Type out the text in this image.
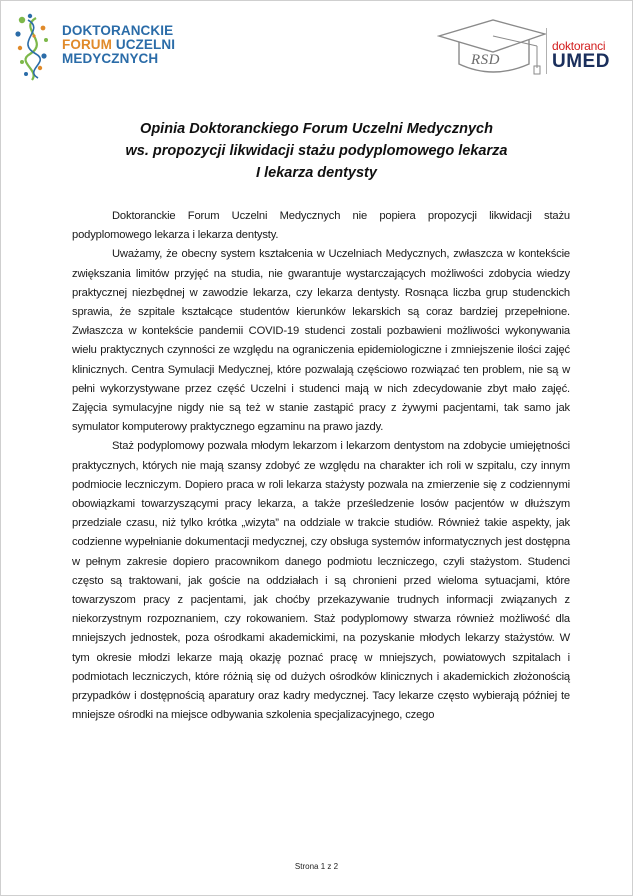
DOKTORANCKIE
FORUM UCZELNI
MEDYCZNYCH	RSD
doktoranci
UMED
Opinia Doktoranckiego Forum Uczelni Medycznych
ws. propozycji likwidacji stażu podyplomowego lekarza
I lekarza dentysty

Doktoranckie Forum Uczelni Medycznych nie popiera propozycji likwidacji stażu podyplomowego lekarza i lekarza dentysty.

Uważamy, że obecny system kształcenia w Uczelniach Medycznych, zwłaszcza w kontekście zwiększania limitów przyjęć na studia, nie gwarantuje wystarczających możliwości zdobycia wiedzy praktycznej niezbędnej w zawodzie lekarza, czy lekarza dentysty. Rosnąca liczba grup studenckich sprawia, że szpitale kształcące studentów kierunków lekarskich są coraz bardziej przepełnione. Zwłaszcza w kontekście pandemii COVID-19 studenci zostali pozbawieni możliwości wykonywania wielu praktycznych czynności ze względu na ograniczenia epidemiologiczne i zmniejszenie ilości zajęć klinicznych. Centra Symulacji Medycznej, które pozwalają częściowo rozwiązać ten problem, nie są w pełni wykorzystywane przez część Uczelni i studenci mają w nich zdecydowanie zbyt mało zajęć. Zajęcia symulacyjne nigdy nie są też w stanie zastąpić pracy z żywymi pacjentami, tak samo jak symulator komputerowy praktycznego egzaminu na prawo jazdy.

Staż podyplomowy pozwala młodym lekarzom i lekarzom dentystom na zdobycie umiejętności praktycznych, których nie mają szansy zdobyć ze względu na charakter ich roli w szpitalu, czy innym podmiocie leczniczym. Dopiero praca w roli lekarza stażysty pozwala na zmierzenie się z codziennymi obowiązkami towarzyszącymi pracy lekarza, a także prześledzenie losów pacjentów w dłuższym przedziale czasu, niż tylko krótka „wizyta” na oddziale w trakcie studiów. Również takie aspekty, jak codzienne wypełnianie dokumentacji medycznej, czy obsługa systemów informatycznych jest dostępna w pełnym zakresie dopiero pracownikom danego podmiotu leczniczego, czyli stażystom. Studenci często są traktowani, jak goście na oddziałach i są chronieni przed wieloma sytuacjami, które towarzyszom pracy z pacjentami, jak choćby przekazywanie trudnych informacji związanych z niekorzystnym rozpoznaniem, czy rokowaniem. Staż podyplomowy stwarza również możliwość dla mniejszych jednostek, poza ośrodkami akademickimi, na pozyskanie młodych lekarzy stażystów. W tym okresie młodzi lekarze mają okazję poznać pracę w mniejszych, powiatowych szpitalach i podmiotach leczniczych, które różnią się od dużych ośrodków klinicznych i akademickich złożonością przypadków i dostępnością aparatury oraz kadry medycznej. Tacy lekarze często wybierają później te mniejsze ośrodki na miejsce odbywania szkolenia specjalizacyjnego, czego

Strona 1 z 2
